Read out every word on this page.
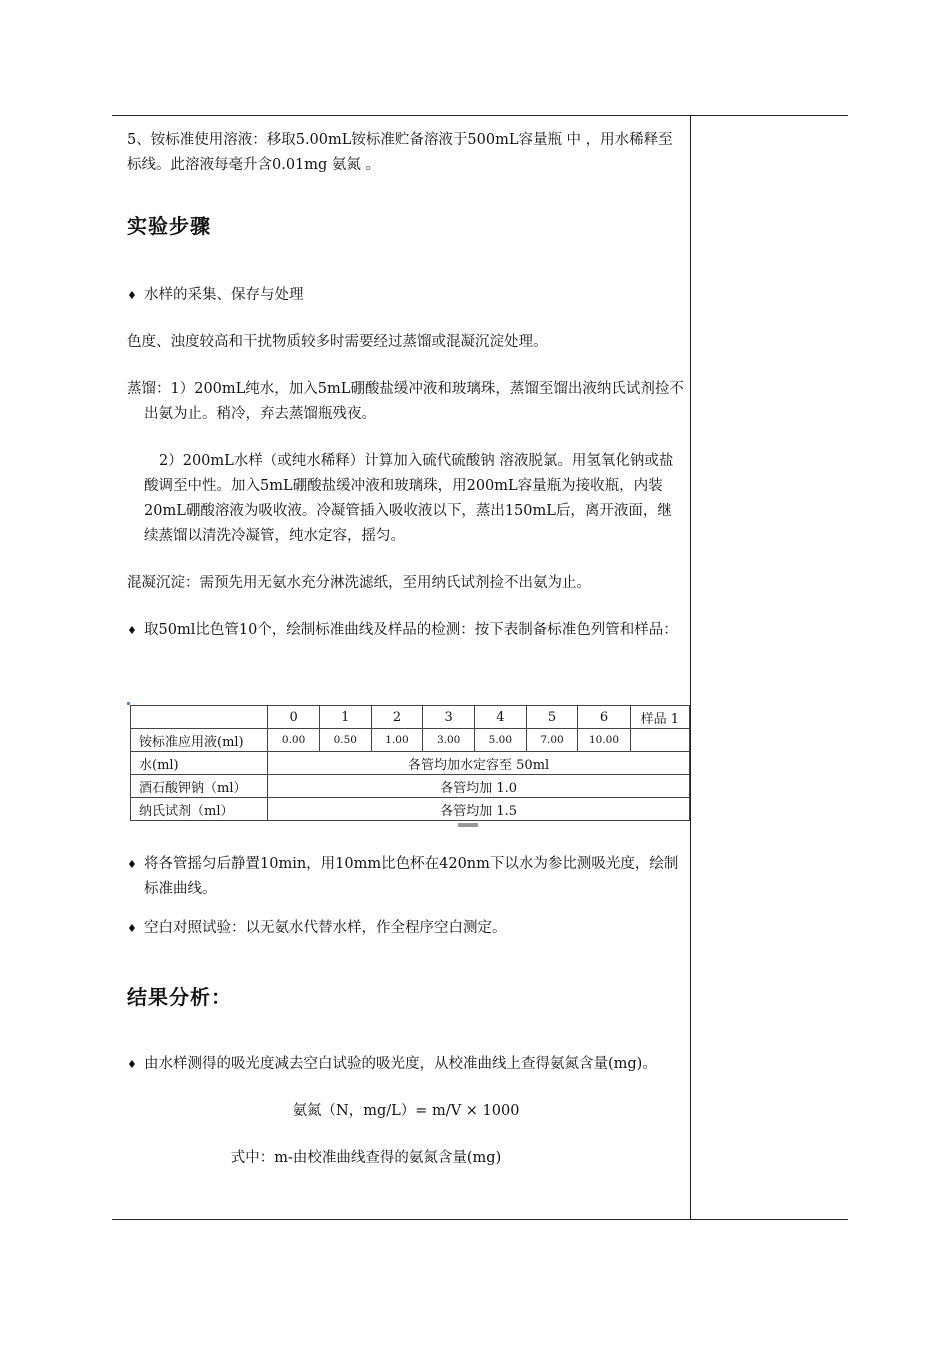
5、铵标准使用溶液：移取5.00mL铵标准贮备溶液于500mL容量瓶 中 ，用水稀释至标线。此溶液每毫升含0.01mg 氨氮 。

实验步骤

♦ 水样的采集、保存与处理

色度、浊度较高和干扰物质较多时需要经过蒸馏或混凝沉淀处理。

蒸馏：1）200mL纯水，加入5mL硼酸盐缓冲液和玻璃珠，蒸馏至馏出液纳氏试剂捡不出氨为止。稍冷，弃去蒸馏瓶残夜。

2）200mL水样（或纯水稀释）计算加入硫代硫酸钠 溶液脱氯。用氢氧化钠或盐酸调至中性。加入5mL硼酸盐缓冲液和玻璃珠，用200mL容量瓶为接收瓶，内装20mL硼酸溶液为吸收液。冷凝管插入吸收液以下，蒸出150mL后，离开液面，继续蒸馏以清洗冷凝管，纯水定容，摇匀。

混凝沉淀：需预先用无氨水充分淋洗滤纸，至用纳氏试剂捡不出氨为止。

♦ 取50ml比色管10个，绘制标准曲线及样品的检测：按下表制备标准色列管和样品：

	0	1	2	3	4	5	6	样品 1
铵标准应用液(ml)	0.00	0.50	1.00	3.00	5.00	7.00	10.00	
水(ml)	各管均加水定容至 50ml							
酒石酸钾钠（ml）	各管均加 1.0							
纳氏试剂（ml）	各管均加 1.5							

♦ 将各管摇匀后静置10min，用10mm比色杯在420nm下以水为参比测吸光度，绘制标准曲线。

♦ 空白对照试验：以无氨水代替水样，作全程序空白测定。

结果分析：

♦ 由水样测得的吸光度减去空白试验的吸光度，从校准曲线上查得氨氮含量(mg)。

氨氮（N，mg/L）= m/V × 1000

式中：m-由校准曲线查得的氨氮含量(mg)
